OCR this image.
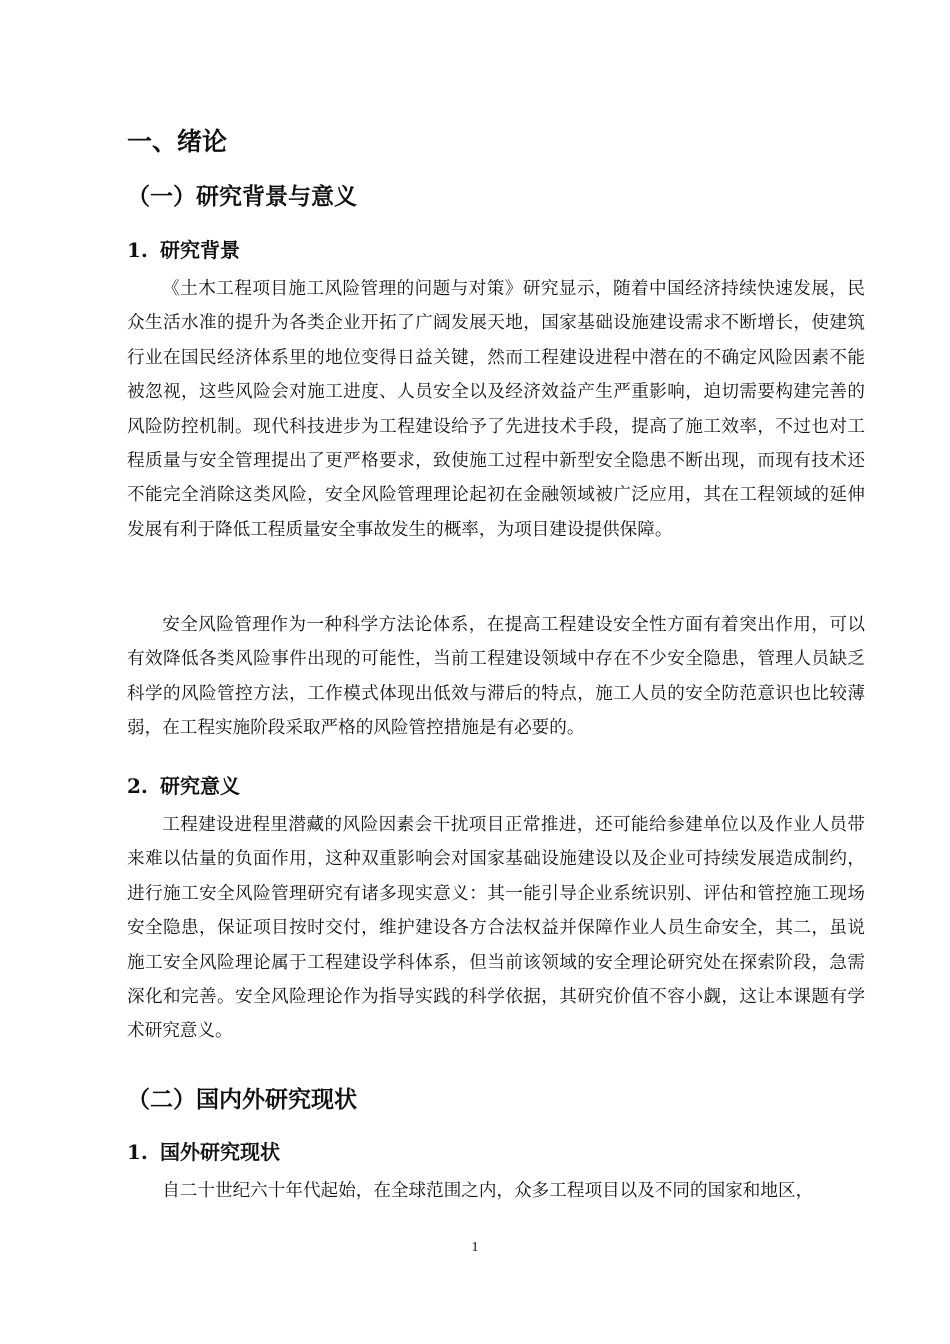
一、绪论
（一）研究背景与意义
1. 研究背景

《土木工程项目施工风险管理的问题与对策》研究显示，随着中国经济持续快速发展，民众生活水准的提升为各类企业开拓了广阔发展天地，国家基础设施建设需求不断增长，使建筑行业在国民经济体系里的地位变得日益关键，然而工程建设进程中潜在的不确定风险因素不能被忽视，这些风险会对施工进度、人员安全以及经济效益产生严重影响，迫切需要构建完善的风险防控机制。现代科技进步为工程建设给予了先进技术手段，提高了施工效率，不过也对工程质量与安全管理提出了更严格要求，致使施工过程中新型安全隐患不断出现，而现有技术还不能完全消除这类风险，安全风险管理理论起初在金融领域被广泛应用，其在工程领域的延伸发展有利于降低工程质量安全事故发生的概率，为项目建设提供保障。

安全风险管理作为一种科学方法论体系，在提高工程建设安全性方面有着突出作用，可以有效降低各类风险事件出现的可能性，当前工程建设领域中存在不少安全隐患，管理人员缺乏科学的风险管控方法，工作模式体现出低效与滞后的特点，施工人员的安全防范意识也比较薄弱，在工程实施阶段采取严格的风险管控措施是有必要的。

2. 研究意义

工程建设进程里潜藏的风险因素会干扰项目正常推进，还可能给参建单位以及作业人员带来难以估量的负面作用，这种双重影响会对国家基础设施建设以及企业可持续发展造成制约，进行施工安全风险管理研究有诸多现实意义：其一能引导企业系统识别、评估和管控施工现场安全隐患，保证项目按时交付，维护建设各方合法权益并保障作业人员生命安全，其二，虽说施工安全风险理论属于工程建设学科体系，但当前该领域的安全理论研究处在探索阶段，急需深化和完善。安全风险理论作为指导实践的科学依据，其研究价值不容小觑，这让本课题有学术研究意义。

（二）国内外研究现状
1. 国外研究现状

自二十世纪六十年代起始，在全球范围之内，众多工程项目以及不同的国家和地区，

1
